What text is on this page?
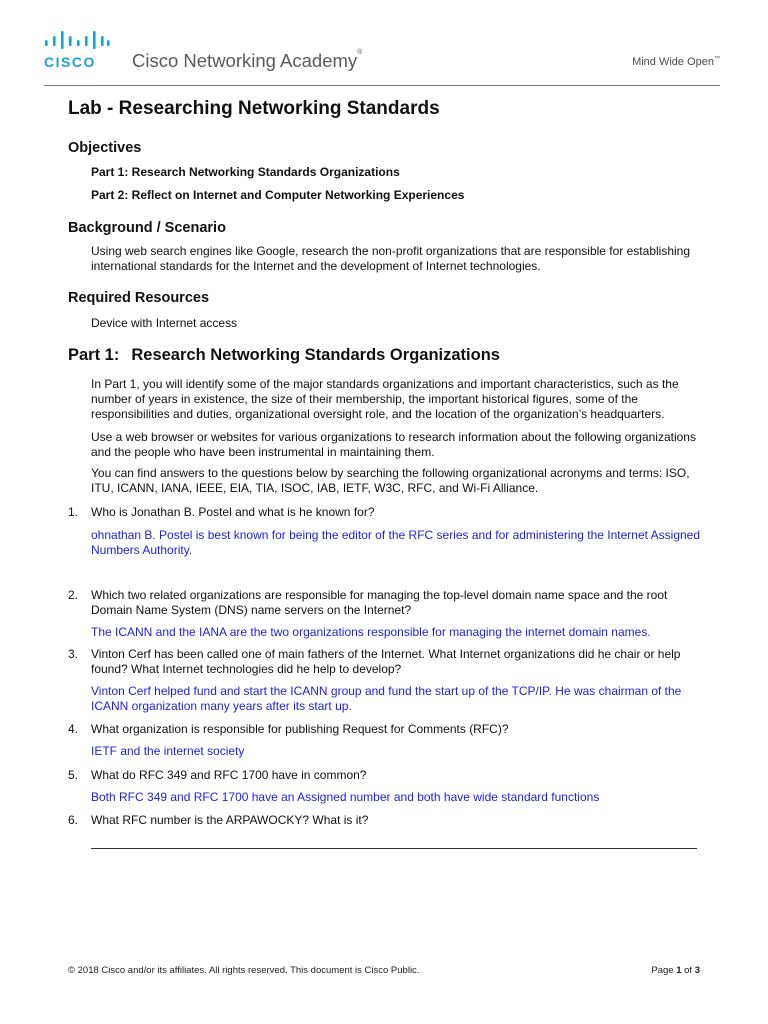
CISCO Cisco Networking Academy®
Mind Wide Open™
Lab - Researching Networking Standards
Objectives

Part 1: Research Networking Standards Organizations

Part 2: Reflect on Internet and Computer Networking Experiences

Background / Scenario

Using web search engines like Google, research the non-profit organizations that are responsible for establishing international standards for the Internet and the development of Internet technologies.

Required Resources

Device with Internet access

Part 1: Research Networking Standards Organizations

In Part 1, you will identify some of the major standards organizations and important characteristics, such as the number of years in existence, the size of their membership, the important historical figures, some of the responsibilities and duties, organizational oversight role, and the location of the organization’s headquarters.

Use a web browser or websites for various organizations to research information about the following organizations and the people who have been instrumental in maintaining them.

You can find answers to the questions below by searching the following organizational acronyms and terms: ISO, ITU, ICANN, IANA, IEEE, EIA, TIA, ISOC, IAB, IETF, W3C, RFC, and Wi-Fi Alliance.

1. Who is Jonathan B. Postel and what is he known for?

ohnathan B. Postel is best known for being the editor of the RFC series and for administering the Internet Assigned Numbers Authority.

2. Which two related organizations are responsible for managing the top-level domain name space and the root Domain Name System (DNS) name servers on the Internet?

The ICANN and the IANA are the two organizations responsible for managing the internet domain names.

3. Vinton Cerf has been called one of main fathers of the Internet. What Internet organizations did he chair or help found? What Internet technologies did he help to develop?

Vinton Cerf helped fund and start the ICANN group and fund the start up of the TCP/IP. He was chairman of the ICANN organization many years after its start up.

4. What organization is responsible for publishing Request for Comments (RFC)?

IETF and the internet society

5. What do RFC 349 and RFC 1700 have in common?

Both RFC 349 and RFC 1700 have an Assigned number and both have wide standard functions

6. What RFC number is the ARPAWOCKY? What is it?

© 2018 Cisco and/or its affiliates. All rights reserved. This document is Cisco Public.	Page 1 of 3
